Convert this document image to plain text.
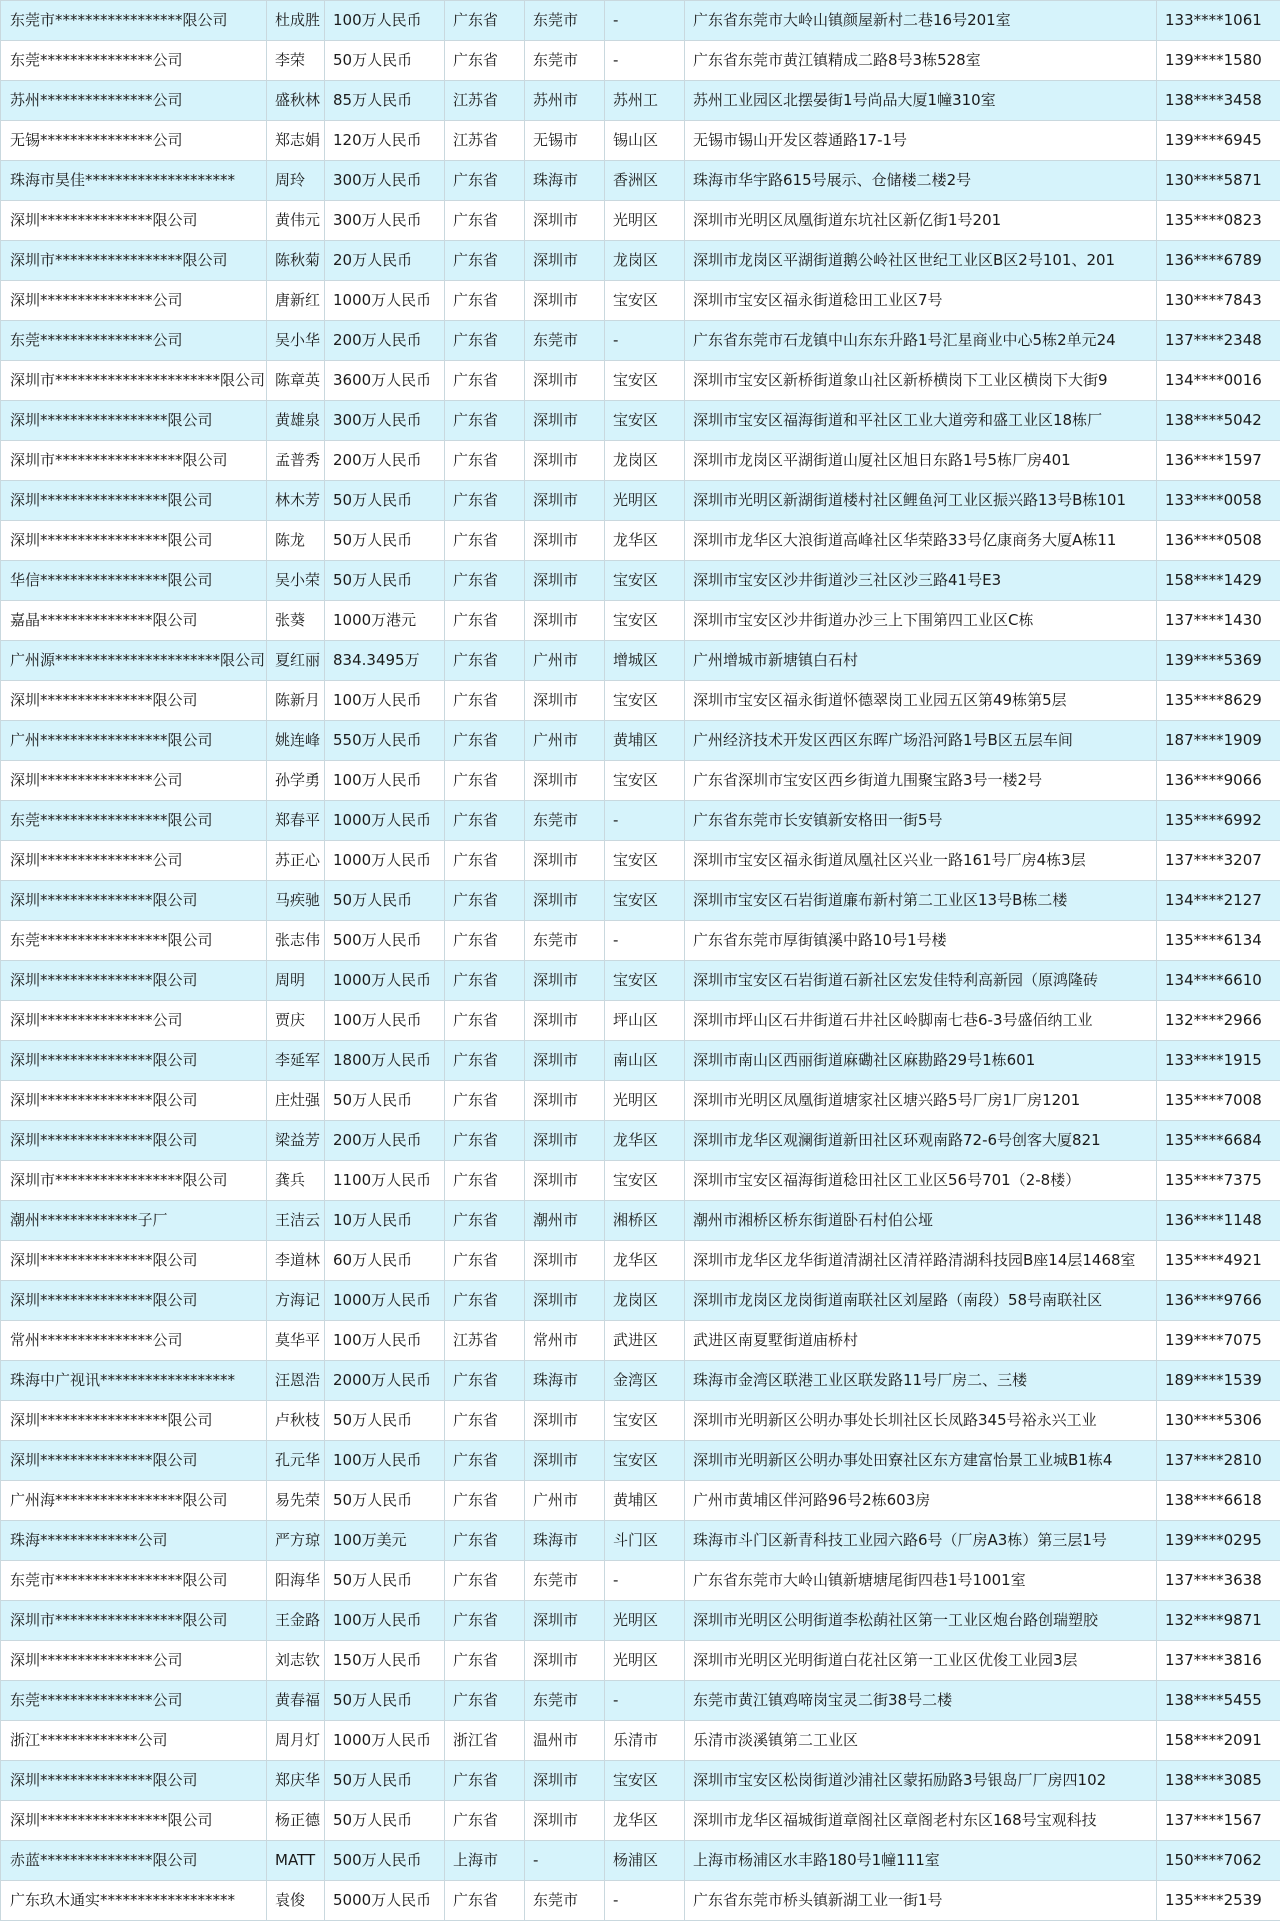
东莞市*****************限公司	杜成胜	100万人民币	广东省	东莞市	-	广东省东莞市大岭山镇颜屋新村二巷16号201室	133****1061
东莞***************公司	李荣	50万人民币	广东省	东莞市	-	广东省东莞市黄江镇精成二路8号3栋528室	139****1580
苏州***************公司	盛秋林	85万人民币	江苏省	苏州市	苏州工	苏州工业园区北摆晏街1号尚品大厦1幢310室	138****3458
无锡***************公司	郑志娟	120万人民币	江苏省	无锡市	锡山区	无锡市锡山开发区蓉通路17-1号	139****6945
珠海市昊佳********************	周玲	300万人民币	广东省	珠海市	香洲区	珠海市华宇路615号展示、仓储楼二楼2号	130****5871
深圳***************限公司	黄伟元	300万人民币	广东省	深圳市	光明区	深圳市光明区凤凰街道东坑社区新亿街1号201	135****0823
深圳市*****************限公司	陈秋菊	20万人民币	广东省	深圳市	龙岗区	深圳市龙岗区平湖街道鹅公岭社区世纪工业区B区2号101、201	136****6789
深圳***************公司	唐新红	1000万人民币	广东省	深圳市	宝安区	深圳市宝安区福永街道稔田工业区7号	130****7843
东莞***************公司	吴小华	200万人民币	广东省	东莞市	-	广东省东莞市石龙镇中山东东升路1号汇星商业中心5栋2单元24	137****2348
深圳市**********************限公司	陈章英	3600万人民币	广东省	深圳市	宝安区	深圳市宝安区新桥街道象山社区新桥横岗下工业区横岗下大街9	134****0016
深圳*****************限公司	黄雄泉	300万人民币	广东省	深圳市	宝安区	深圳市宝安区福海街道和平社区工业大道旁和盛工业区18栋厂	138****5042
深圳市*****************限公司	孟普秀	200万人民币	广东省	深圳市	龙岗区	深圳市龙岗区平湖街道山厦社区旭日东路1号5栋厂房401	136****1597
深圳*****************限公司	林木芳	50万人民币	广东省	深圳市	光明区	深圳市光明区新湖街道楼村社区鲤鱼河工业区振兴路13号B栋101	133****0058
深圳*****************限公司	陈龙	50万人民币	广东省	深圳市	龙华区	深圳市龙华区大浪街道高峰社区华荣路33号亿康商务大厦A栋11	136****0508
华信*****************限公司	吴小荣	50万人民币	广东省	深圳市	宝安区	深圳市宝安区沙井街道沙三社区沙三路41号E3	158****1429
嘉晶***************限公司	张葵	1000万港元	广东省	深圳市	宝安区	深圳市宝安区沙井街道办沙三上下围第四工业区C栋	137****1430
广州源**********************限公司	夏红丽	834.3495万	广东省	广州市	增城区	广州增城市新塘镇白石村	139****5369
深圳***************限公司	陈新月	100万人民币	广东省	深圳市	宝安区	深圳市宝安区福永街道怀德翠岗工业园五区第49栋第5层	135****8629
广州*****************限公司	姚连峰	550万人民币	广东省	广州市	黄埔区	广州经济技术开发区西区东晖广场沿河路1号B区五层车间	187****1909
深圳***************公司	孙学勇	100万人民币	广东省	深圳市	宝安区	广东省深圳市宝安区西乡街道九围聚宝路3号一楼2号	136****9066
东莞*****************限公司	郑春平	1000万人民币	广东省	东莞市	-	广东省东莞市长安镇新安格田一街5号	135****6992
深圳***************公司	苏正心	1000万人民币	广东省	深圳市	宝安区	深圳市宝安区福永街道凤凰社区兴业一路161号厂房4栋3层	137****3207
深圳***************限公司	马疾驰	50万人民币	广东省	深圳市	宝安区	深圳市宝安区石岩街道廉布新村第二工业区13号B栋二楼	134****2127
东莞*****************限公司	张志伟	500万人民币	广东省	东莞市	-	广东省东莞市厚街镇溪中路10号1号楼	135****6134
深圳***************限公司	周明	1000万人民币	广东省	深圳市	宝安区	深圳市宝安区石岩街道石新社区宏发佳特利高新园（原鸿隆砖	134****6610
深圳***************公司	贾庆	100万人民币	广东省	深圳市	坪山区	深圳市坪山区石井街道石井社区岭脚南七巷6-3号盛佰纳工业	132****2966
深圳***************限公司	李延军	1800万人民币	广东省	深圳市	南山区	深圳市南山区西丽街道麻磡社区麻勘路29号1栋601	133****1915
深圳***************限公司	庄灶强	50万人民币	广东省	深圳市	光明区	深圳市光明区凤凰街道塘家社区塘兴路5号厂房1厂房1201	135****7008
深圳***************限公司	梁益芳	200万人民币	广东省	深圳市	龙华区	深圳市龙华区观澜街道新田社区环观南路72-6号创客大厦821	135****6684
深圳市*****************限公司	龚兵	1100万人民币	广东省	深圳市	宝安区	深圳市宝安区福海街道稔田社区工业区56号701（2-8楼）	135****7375
潮州*************子厂	王洁云	10万人民币	广东省	潮州市	湘桥区	潮州市湘桥区桥东街道卧石村伯公垭	136****1148
深圳***************限公司	李道林	60万人民币	广东省	深圳市	龙华区	深圳市龙华区龙华街道清湖社区清祥路清湖科技园B座14层1468室	135****4921
深圳***************限公司	方海记	1000万人民币	广东省	深圳市	龙岗区	深圳市龙岗区龙岗街道南联社区刘屋路（南段）58号南联社区	136****9766
常州***************公司	莫华平	100万人民币	江苏省	常州市	武进区	武进区南夏墅街道庙桥村	139****7075
珠海中广视讯******************	汪恩浩	2000万人民币	广东省	珠海市	金湾区	珠海市金湾区联港工业区联发路11号厂房二、三楼	189****1539
深圳*****************限公司	卢秋枝	50万人民币	广东省	深圳市	宝安区	深圳市光明新区公明办事处长圳社区长凤路345号裕永兴工业	130****5306
深圳***************限公司	孔元华	100万人民币	广东省	深圳市	宝安区	深圳市光明新区公明办事处田寮社区东方建富怡景工业城B1栋4	137****2810
广州海*****************限公司	易先荣	50万人民币	广东省	广州市	黄埔区	广州市黄埔区伴河路96号2栋603房	138****6618
珠海*************公司	严方琼	100万美元	广东省	珠海市	斗门区	珠海市斗门区新青科技工业园六路6号（厂房A3栋）第三层1号	139****0295
东莞市*****************限公司	阳海华	50万人民币	广东省	东莞市	-	广东省东莞市大岭山镇新塘塘尾街四巷1号1001室	137****3638
深圳市*****************限公司	王金路	100万人民币	广东省	深圳市	光明区	深圳市光明区公明街道李松蓢社区第一工业区炮台路创瑞塑胶	132****9871
深圳***************公司	刘志钦	150万人民币	广东省	深圳市	光明区	深圳市光明区光明街道白花社区第一工业区优俊工业园3层	137****3816
东莞***************公司	黄春福	50万人民币	广东省	东莞市	-	东莞市黄江镇鸡啼岗宝灵二街38号二楼	138****5455
浙江*************公司	周月灯	1000万人民币	浙江省	温州市	乐清市	乐清市淡溪镇第二工业区	158****2091
深圳***************限公司	郑庆华	50万人民币	广东省	深圳市	宝安区	深圳市宝安区松岗街道沙浦社区蒙拓励路3号银岛厂厂房四102	138****3085
深圳*****************限公司	杨正德	50万人民币	广东省	深圳市	龙华区	深圳市龙华区福城街道章阁社区章阁老村东区168号宝观科技	137****1567
赤蓝***************限公司	MATT	500万人民币	上海市	-	杨浦区	上海市杨浦区水丰路180号1幢111室	150****7062
广东玖木通实******************	袁俊	5000万人民币	广东省	东莞市	-	广东省东莞市桥头镇新湖工业一街1号	135****2539
